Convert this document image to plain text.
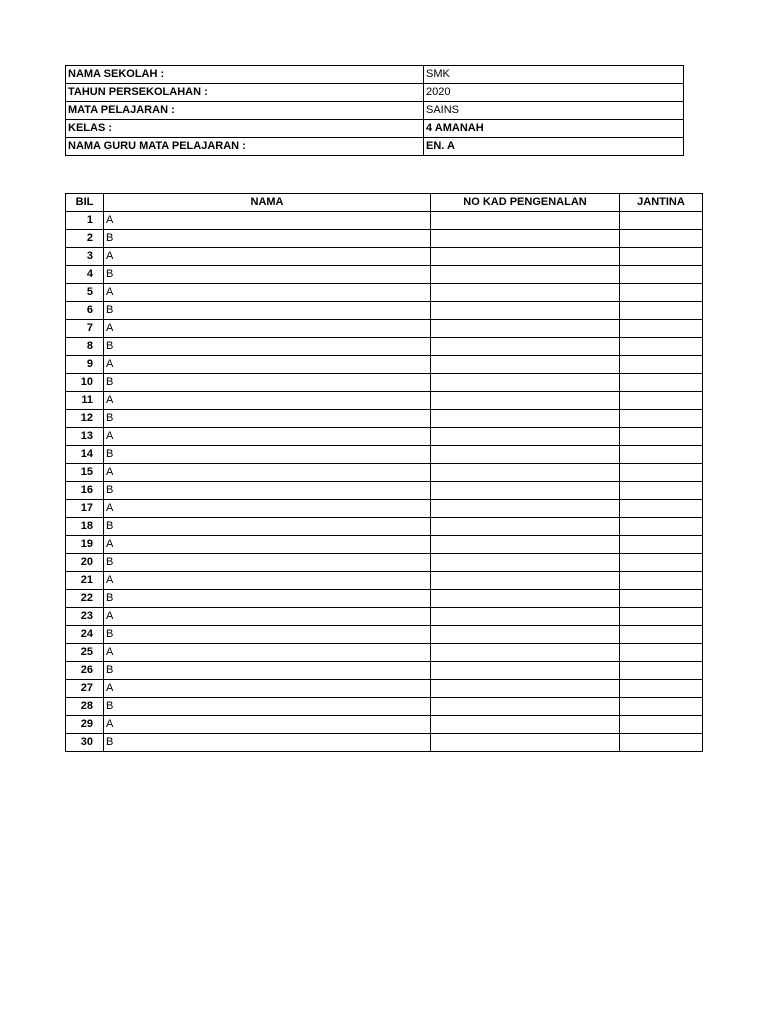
NAMA SEKOLAH :	SMK
TAHUN PERSEKOLAHAN :	2020
MATA PELAJARAN :	SAINS
KELAS :	4 AMANAH
NAMA GURU MATA PELAJARAN :	EN. A
BIL	NAMA	NO KAD PENGENALAN	JANTINA
1	A		
2	B		
3	A		
4	B		
5	A		
6	B		
7	A		
8	B		
9	A		
10	B		
11	A		
12	B		
13	A		
14	B		
15	A		
16	B		
17	A		
18	B		
19	A		
20	B		
21	A		
22	B		
23	A		
24	B		
25	A		
26	B		
27	A		
28	B		
29	A		
30	B		
